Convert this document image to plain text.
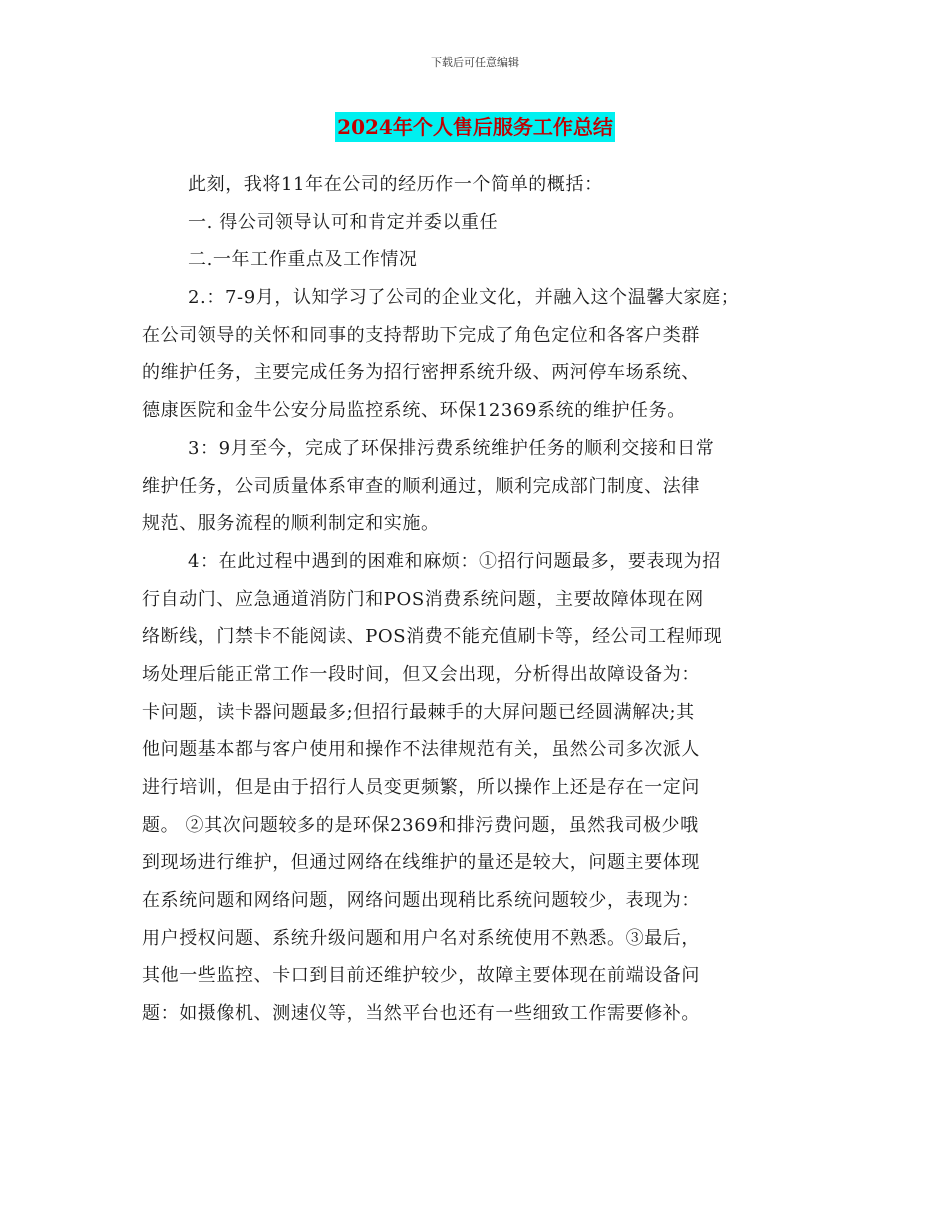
下载后可任意编辑
2024年个人售后服务工作总结
此刻，我将11年在公司的经历作一个简单的概括：
一. 得公司领导认可和肯定并委以重任
二.一年工作重点及工作情况
2.：7-9月，认知学习了公司的企业文化，并融入这个温馨大家庭；
在公司领导的关怀和同事的支持帮助下完成了角色定位和各客户类群
的维护任务，主要完成任务为招行密押系统升级、两河停车场系统、
德康医院和金牛公安分局监控系统、环保12369系统的维护任务。
3：9月至今，完成了环保排污费系统维护任务的顺利交接和日常
维护任务，公司质量体系审查的顺利通过，顺利完成部门制度、法律
规范、服务流程的顺利制定和实施。
4：在此过程中遇到的困难和麻烦：①招行问题最多，要表现为招
行自动门、应急通道消防门和POS消费系统问题，主要故障体现在网
络断线，门禁卡不能阅读、POS消费不能充值刷卡等，经公司工程师现
场处理后能正常工作一段时间，但又会出现，分析得出故障设备为：
卡问题，读卡器问题最多;但招行最棘手的大屏问题已经圆满解决;其
他问题基本都与客户使用和操作不法律规范有关，虽然公司多次派人
进行培训，但是由于招行人员变更频繁，所以操作上还是存在一定问
题。 ②其次问题较多的是环保2369和排污费问题，虽然我司极少哦
到现场进行维护，但通过网络在线维护的量还是较大，问题主要体现
在系统问题和网络问题，网络问题出现稍比系统问题较少，表现为：
用户授权问题、系统升级问题和用户名对系统使用不熟悉。③最后，
其他一些监控、卡口到目前还维护较少，故障主要体现在前端设备问
题：如摄像机、测速仪等，当然平台也还有一些细致工作需要修补。
